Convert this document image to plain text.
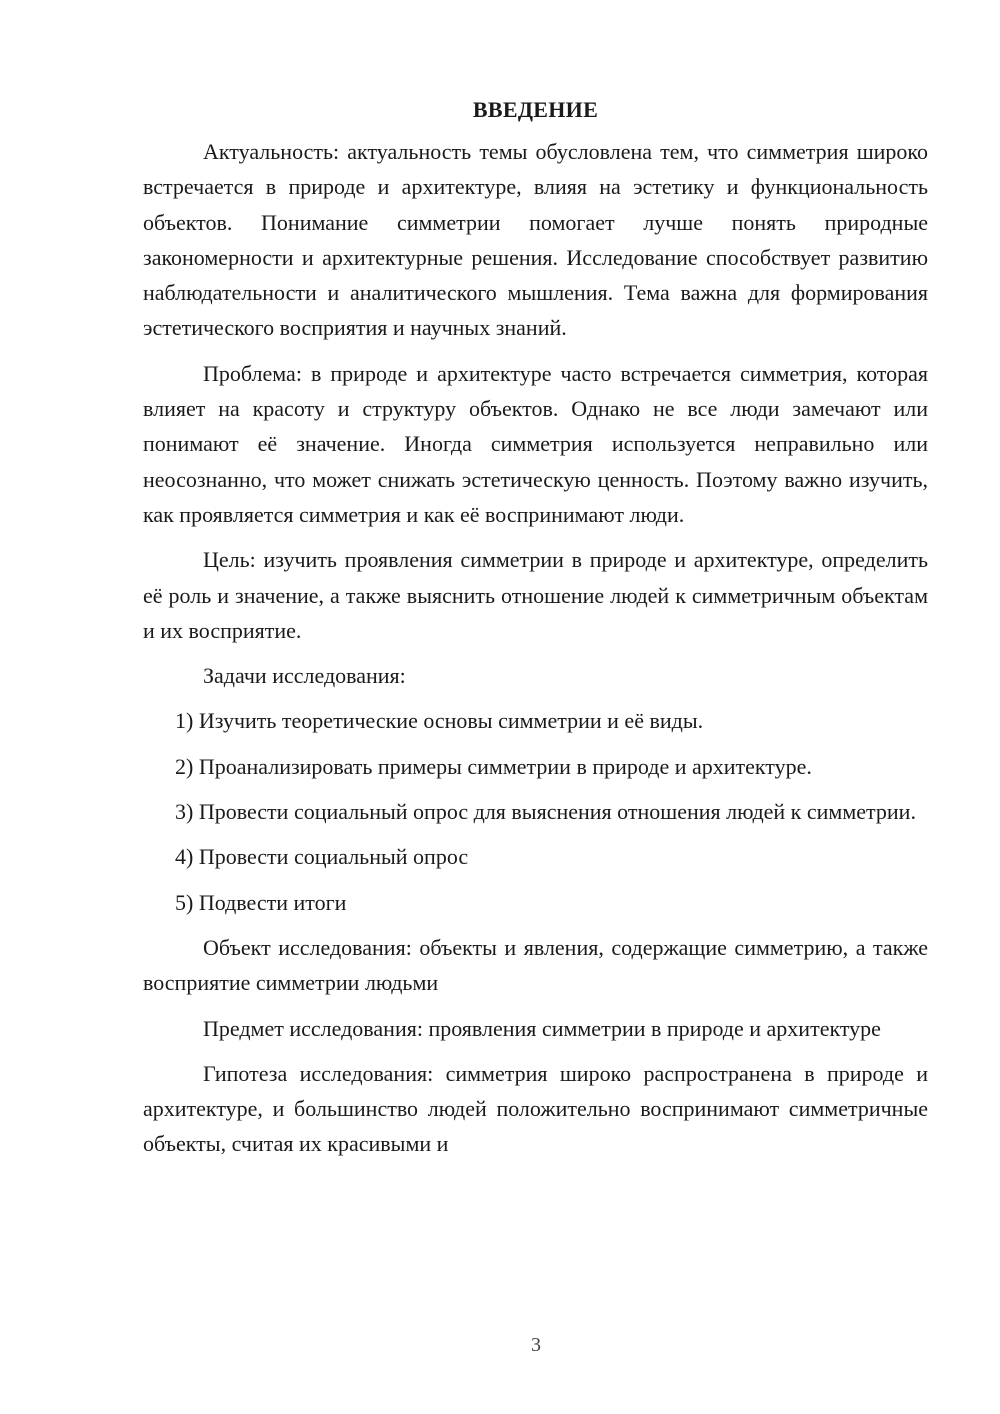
ВВЕДЕНИЕ

Актуальность: актуальность темы обусловлена тем, что симметрия широко встречается в природе и архитектуре, влияя на эстетику и функциональность объектов. Понимание симметрии помогает лучше понять природные закономерности и архитектурные решения. Исследование способствует развитию наблюдательности и аналитического мышления. Тема важна для формирования эстетического восприятия и научных знаний.

Проблема: в природе и архитектуре часто встречается симметрия, которая влияет на красоту и структуру объектов. Однако не все люди замечают или понимают её значение. Иногда симметрия используется неправильно или неосознанно, что может снижать эстетическую ценность. Поэтому важно изучить, как проявляется симметрия и как её воспринимают люди.

Цель: изучить проявления симметрии в природе и архитектуре, определить её роль и значение, а также выяснить отношение людей к симметричным объектам и их восприятие.

Задачи исследования:

1) Изучить теоретические основы симметрии и её виды.

2) Проанализировать примеры симметрии в природе и архитектуре.

3) Провести социальный опрос для выяснения отношения людей к симметрии.

4) Провести социальный опрос

5) Подвести итоги

Объект исследования: объекты и явления, содержащие симметрию, а также восприятие симметрии людьми

Предмет исследования: проявления симметрии в природе и архитектуре

Гипотеза исследования: симметрия широко распространена в природе и архитектуре, и большинство людей положительно воспринимают симметричные объекты, считая их красивыми и

3
